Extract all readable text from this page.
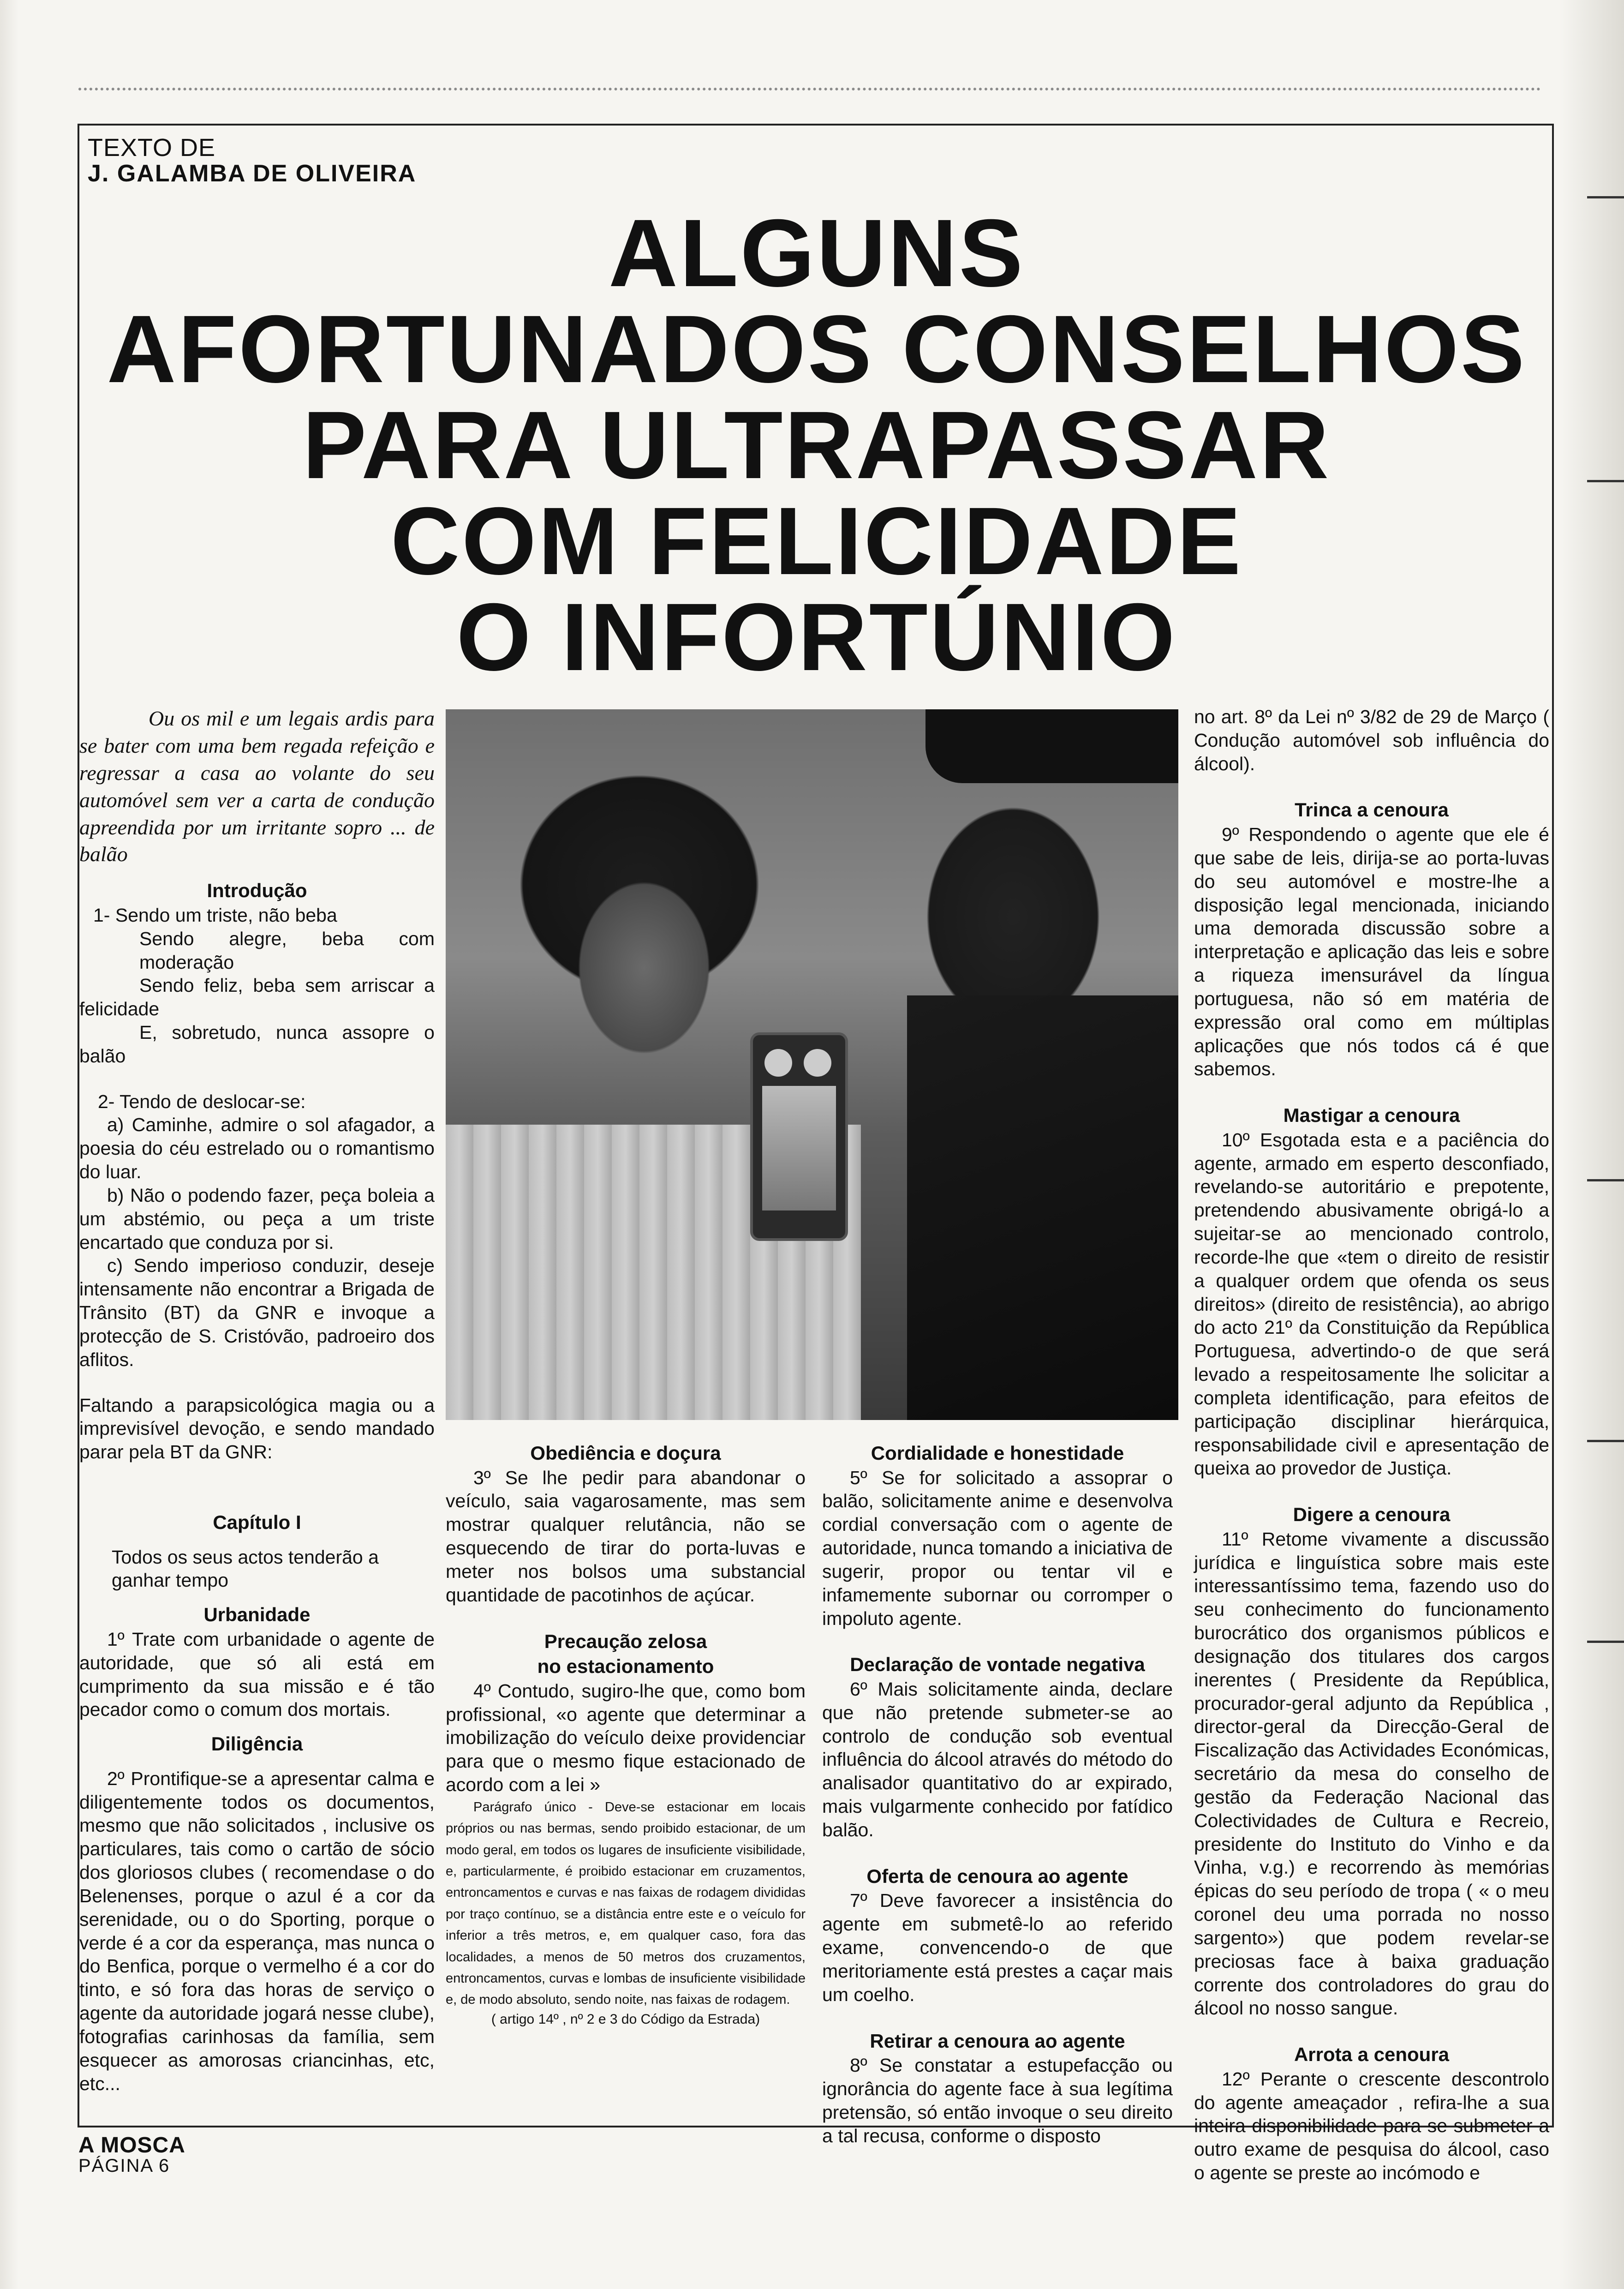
TEXTO DE
J. GALAMBA DE OLIVEIRA
ALGUNS
AFORTUNADOS CONSELHOS
PARA ULTRAPASSAR
COM FELICIDADE
O INFORTÚNIO

Ou os mil e um legais ardis para se bater com uma bem regada refeição e regressar a casa ao volante do seu automóvel sem ver a carta de condução apreendida por um irritante sopro ... de balão

Introdução

1- Sendo um triste, não beba

Sendo alegre, beba com moderação

Sendo feliz, beba sem arriscar a felicidade

E, sobretudo, nunca assopre o balão

2- Tendo de deslocar-se:

a) Caminhe, admire o sol afagador, a poesia do céu estrelado ou o romantismo do luar.

b) Não o podendo fazer, peça boleia a um abstémio, ou peça a um triste encartado que conduza por si.

c) Sendo imperioso conduzir, deseje intensamente não encontrar a Brigada de Trânsito (BT) da GNR e invoque a protecção de S. Cristóvão, padroeiro dos aflitos.

Faltando a parapsicológica magia ou a imprevisível devoção, e sendo mandado parar pela BT da GNR:

Capítulo I

Todos os seus actos tenderão a ganhar tempo

Urbanidade

1º Trate com urbanidade o agente de autoridade, que só ali está em cumprimento da sua missão e é tão pecador como o comum dos mortais.

Diligência

2º Prontifique-se a apresentar calma e diligentemente todos os documentos, mesmo que não solicitados , inclusive os particulares, tais como o cartão de sócio dos gloriosos clubes ( recomendase o do Belenenses, porque o azul é a cor da serenidade, ou o do Sporting, porque o verde é a cor da esperança, mas nunca o do Benfica, porque o vermelho é a cor do tinto, e só fora das horas de serviço o agente da autoridade jogará nesse clube), fotografias carinhosas da família, sem esquecer as amorosas criancinhas, etc, etc...

Obediência e doçura

3º Se lhe pedir para abandonar o veículo, saia vagarosamente, mas sem mostrar qualquer relutância, não se esquecendo de tirar do porta-luvas e meter nos bolsos uma substancial quantidade de pacotinhos de açúcar.

Precaução zelosa
no estacionamento

4º Contudo, sugiro-lhe que, como bom profissional, «o agente que determinar a imobilização do veículo deixe providenciar para que o mesmo fique estacionado de acordo com a lei »

Parágrafo único - Deve-se estacionar em locais próprios ou nas bermas, sendo proibido estacionar, de um modo geral, em todos os lugares de insuficiente visibilidade, e, particularmente, é proibido estacionar em cruzamentos, entroncamentos e curvas e nas faixas de rodagem divididas por traço contínuo, se a distância entre este e o veículo for inferior a três metros, e, em qualquer caso, fora das localidades, a menos de 50 metros dos cruzamentos, entroncamentos, curvas e lombas de insuficiente visibilidade e, de modo absoluto, sendo noite, nas faixas de rodagem.

( artigo 14º , nº 2 e 3 do Código da Estrada)

Cordialidade e honestidade

5º Se for solicitado a assoprar o balão, solicitamente anime e desenvolva cordial conversação com o agente de autoridade, nunca tomando a iniciativa de sugerir, propor ou tentar vil e infamemente subornar ou corromper o impoluto agente.

Declaração de vontade negativa

6º Mais solicitamente ainda, declare que não pretende submeter-se ao controlo de condução sob eventual influência do álcool através do método do analisador quantitativo do ar expirado, mais vulgarmente conhecido por fatídico balão.

Oferta de cenoura ao agente

7º Deve favorecer a insistência do agente em submetê-lo ao referido exame, convencendo-o de que meritoriamente está prestes a caçar mais um coelho.

Retirar a cenoura ao agente

8º Se constatar a estupefacção ou ignorância do agente face à sua legítima pretensão, só então invoque o seu direito a tal recusa, conforme o disposto

no art. 8º da Lei nº 3/82 de 29 de Março ( Condução automóvel sob influência do álcool).

Trinca a cenoura

9º Respondendo o agente que ele é que sabe de leis, dirija-se ao porta-luvas do seu automóvel e mostre-lhe a disposição legal mencionada, iniciando uma demorada discussão sobre a interpretação e aplicação das leis e sobre a riqueza imensurável da língua portuguesa, não só em matéria de expressão oral como em múltiplas aplicações que nós todos cá é que sabemos.

Mastigar a cenoura

10º Esgotada esta e a paciência do agente, armado em esperto desconfiado, revelando-se autoritário e prepotente, pretendendo abusivamente obrigá-lo a sujeitar-se ao mencionado controlo, recorde-lhe que «tem o direito de resistir a qualquer ordem que ofenda os seus direitos» (direito de resistência), ao abrigo do acto 21º da Constituição da República Portuguesa, advertindo-o de que será levado a respeitosamente lhe solicitar a completa identificação, para efeitos de participação disciplinar hierárquica, responsabilidade civil e apresentação de queixa ao provedor de Justiça.

Digere a cenoura

11º Retome vivamente a discussão jurídica e linguística sobre mais este interessantíssimo tema, fazendo uso do seu conhecimento do funcionamento burocrático dos organismos públicos e designação dos titulares dos cargos inerentes ( Presidente da República, procurador-geral adjunto da República , director-geral da Direcção-Geral de Fiscalização das Actividades Económicas, secretário da mesa do conselho de gestão da Federação Nacional das Colectividades de Cultura e Recreio, presidente do Instituto do Vinho e da Vinha, v.g.) e recorrendo às memórias épicas do seu período de tropa ( « o meu coronel deu uma porrada no nosso sargento») que podem revelar-se preciosas face à baixa graduação corrente dos controladores do grau do álcool no nosso sangue.

Arrota a cenoura

12º Perante o crescente descontrolo do agente ameaçador , refira-lhe a sua inteira disponibilidade para se submeter a outro exame de pesquisa do álcool, caso o agente se preste ao incómodo e

A MOSCA
PÁGINA 6
